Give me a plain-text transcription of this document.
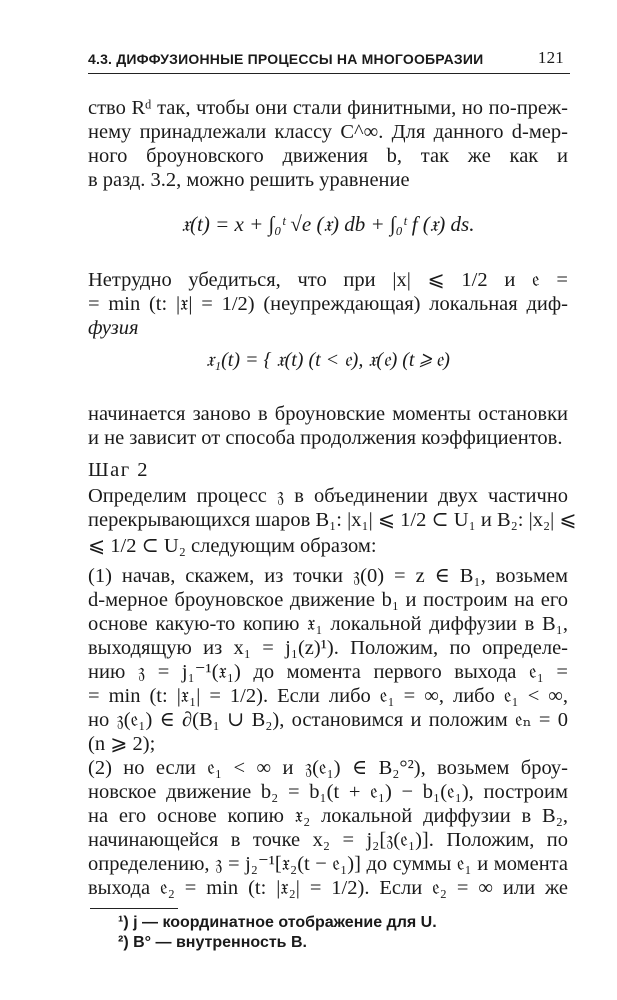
4.3. ДИФФУЗИОННЫЕ ПРОЦЕССЫ НА МНОГООБРАЗИИ	121
ство Rᵈ так, чтобы они стали финитными, но по-преж-
нему принадлежали классу C^∞. Для данного d-мер-
ного броуновского движения b, так же как и
в разд. 3.2, можно решить уравнение
𝔵(t) = x + ∫₀ᵗ √e (𝔵) db + ∫₀ᵗ f (𝔵) ds.
Нетрудно убедиться, что при |x| ⩽ 1/2 и 𝔢 =
= min (t: |𝔵| = 1/2) (неупреждающая) локальная диф-
фузия
𝔵₁(t) = { 𝔵(t) (t < 𝔢), 𝔵(𝔢) (t ⩾ 𝔢)
начинается заново в броуновские моменты остановки
и не зависит от способа продолжения коэффициентов.
Шаг 2
Определим процесс 𝔷 в объединении двух частично
перекрывающихся шаров B₁: |x₁| ⩽ 1/2 ⊂ U₁ и B₂: |x₂| ⩽
⩽ 1/2 ⊂ U₂ следующим образом:
(1) начав, скажем, из точки 𝔷(0) = z ∈ B₁, возьмем
d-мерное броуновское движение b₁ и построим на его
основе какую-то копию 𝔵₁ локальной диффузии в B₁,
выходящую из x₁ = j₁(z)¹). Положим, по определе-
нию 𝔷 = j₁⁻¹(𝔵₁) до момента первого выхода 𝔢₁ =
= min (t: |𝔵₁| = 1/2). Если либо 𝔢₁ = ∞, либо 𝔢₁ < ∞,
но 𝔷(𝔢₁) ∈ ∂(B₁ ∪ B₂), остановимся и положим 𝔢ₙ = 0
(n ⩾ 2);
(2) но если 𝔢₁ < ∞ и 𝔷(𝔢₁) ∈ B₂°²), возьмем броу-
новское движение b₂ = b₁(t + 𝔢₁) − b₁(𝔢₁), построим
на его основе копию 𝔵₂ локальной диффузии в B₂,
начинающейся в точке x₂ = j₂[𝔷(𝔢₁)]. Положим, по
определению, 𝔷 = j₂⁻¹[𝔵₂(t − 𝔢₁)] до суммы 𝔢₁ и момента
¹) j — координатное отображение для U.
²) B° — внутренность B.
выхода 𝔢₂ = min (t: |𝔵₂| = 1/2). Если 𝔢₂ = ∞ или же
